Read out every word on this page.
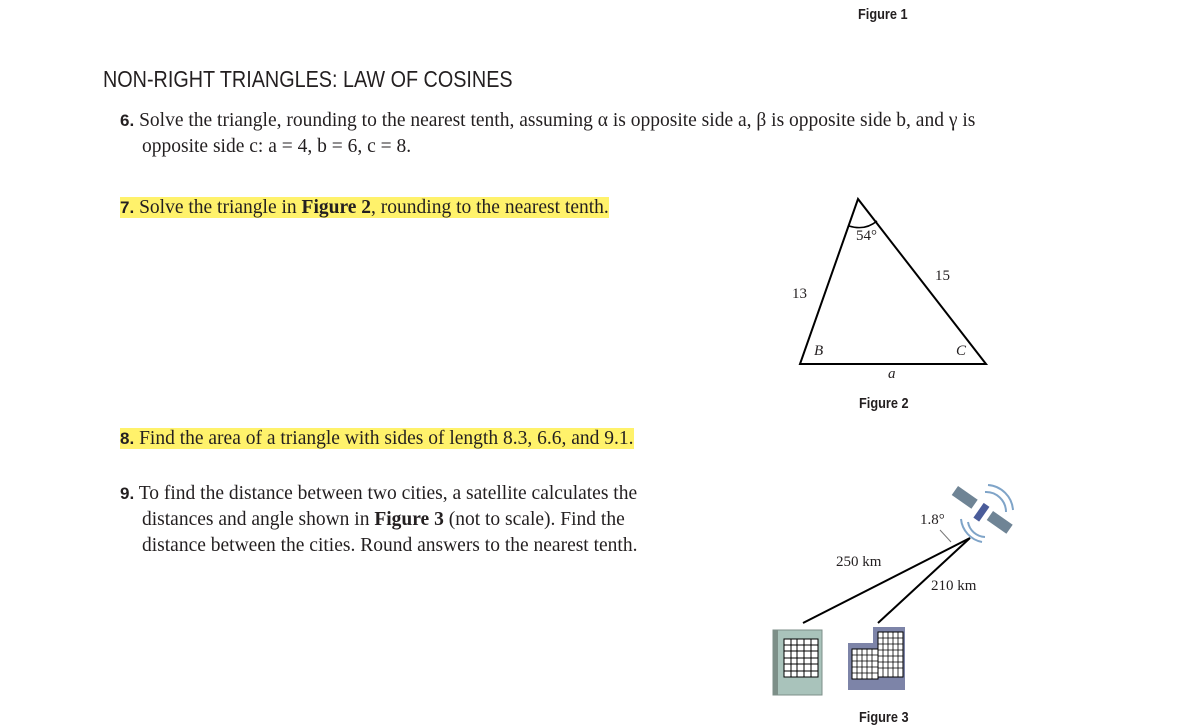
Figure 1
NON-RIGHT TRIANGLES: LAW OF COSINES
6. Solve the triangle, rounding to the nearest tenth, assuming α is opposite side a, β is opposite side b, and γ is
opposite side c: a = 4, b = 6, c = 8.
7. Solve the triangle in Figure 2, rounding to the nearest tenth.
8. Find the area of a triangle with sides of length 8.3, 6.6, and 9.1.
9. To find the distance between two cities, a satellite calculates the
distances and angle shown in Figure 3 (not to scale). Find the
distance between the cities. Round answers to the nearest tenth.
54°
13
15
B	C
a
Figure 2
1.8°
250 km
210 km
Figure 3
